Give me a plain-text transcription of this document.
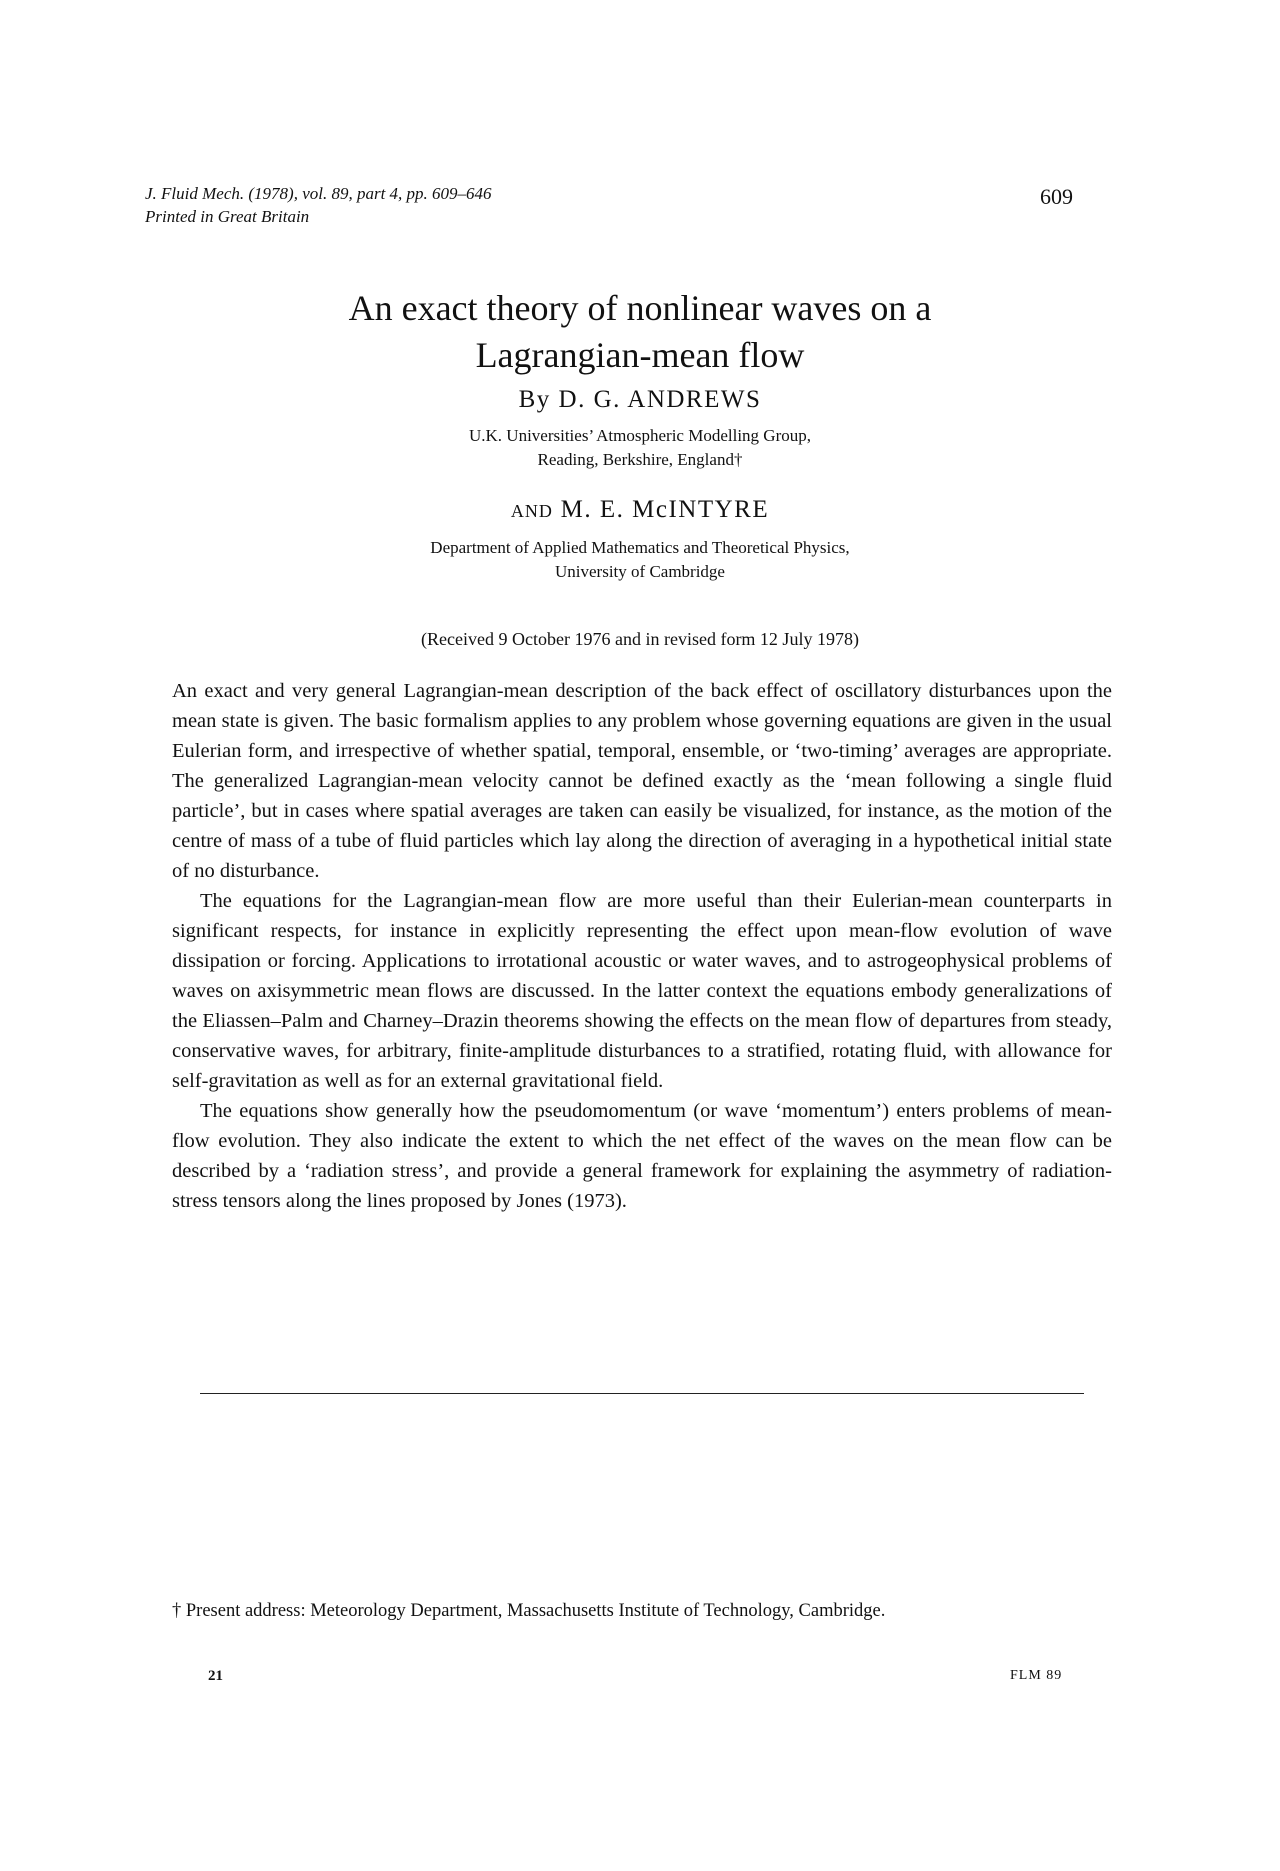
J. Fluid Mech. (1978), vol. 89, part 4, pp. 609–646
Printed in Great Britain
609
An exact theory of nonlinear waves on a
Lagrangian-mean flow
By D. G. ANDREWS
U.K. Universities’ Atmospheric Modelling Group,
Reading, Berkshire, England†
AND M. E. McINTYRE
Department of Applied Mathematics and Theoretical Physics,
University of Cambridge
(Received 9 October 1976 and in revised form 12 July 1978)

An exact and very general Lagrangian-mean description of the back effect of oscillatory disturbances upon the mean state is given. The basic formalism applies to any problem whose governing equations are given in the usual Eulerian form, and irrespective of whether spatial, temporal, ensemble, or ‘two-timing’ averages are appropriate. The generalized Lagrangian-mean velocity cannot be defined exactly as the ‘mean following a single fluid particle’, but in cases where spatial averages are taken can easily be visualized, for instance, as the motion of the centre of mass of a tube of fluid particles which lay along the direction of averaging in a hypothetical initial state of no disturbance.

The equations for the Lagrangian-mean flow are more useful than their Eulerian-mean counterparts in significant respects, for instance in explicitly representing the effect upon mean-flow evolution of wave dissipation or forcing. Applications to irrotational acoustic or water waves, and to astrogeophysical problems of waves on axisymmetric mean flows are discussed. In the latter context the equations embody generalizations of the Eliassen–Palm and Charney–Drazin theorems showing the effects on the mean flow of departures from steady, conservative waves, for arbitrary, finite-amplitude disturbances to a stratified, rotating fluid, with allowance for self-gravitation as well as for an external gravitational field.

The equations show generally how the pseudomomentum (or wave ‘momentum’) enters problems of mean-flow evolution. They also indicate the extent to which the net effect of the waves on the mean flow can be described by a ‘radiation stress’, and provide a general framework for explaining the asymmetry of radiation-stress tensors along the lines proposed by Jones (1973).

† Present address: Meteorology Department, Massachusetts Institute of Technology, Cambridge.
21	FLM 89
